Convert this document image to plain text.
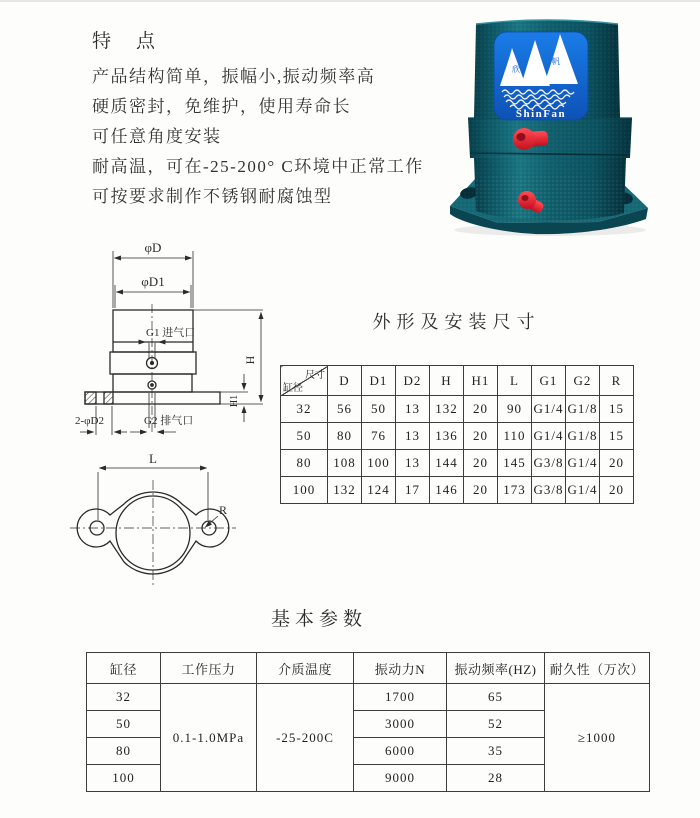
特　点
产品结构简单，振幅小,振动频率高
硬质密封，免维护，使用寿命长
可任意角度安装
耐高温，可在-25-200° C环境中正常工作
可按要求制作不锈钢耐腐蚀型
欣
帆
ShinFan
φD
φD1
G1 进气口
H
H1
2-φD2	G2 排气口
L
R
外形及安装尺寸
尺寸
缸径	D	D1	D2	H	H1	L	G1	G2	R
32	56	50	13	132	20	90	G1/4	G1/8	15
50	80	76	13	136	20	110	G1/4	G1/8	15
80	108	100	13	144	20	145	G3/8	G1/4	20
100	132	124	17	146	20	173	G3/8	G1/4	20
基本参数
缸径	工作压力	介质温度	振动力N	振动频率(HZ)	耐久性（万次）
32	0.1-1.0MPa	-25-200C	1700	65	≥1000
50			3000	52	
80			6000	35	
100			9000	28	
